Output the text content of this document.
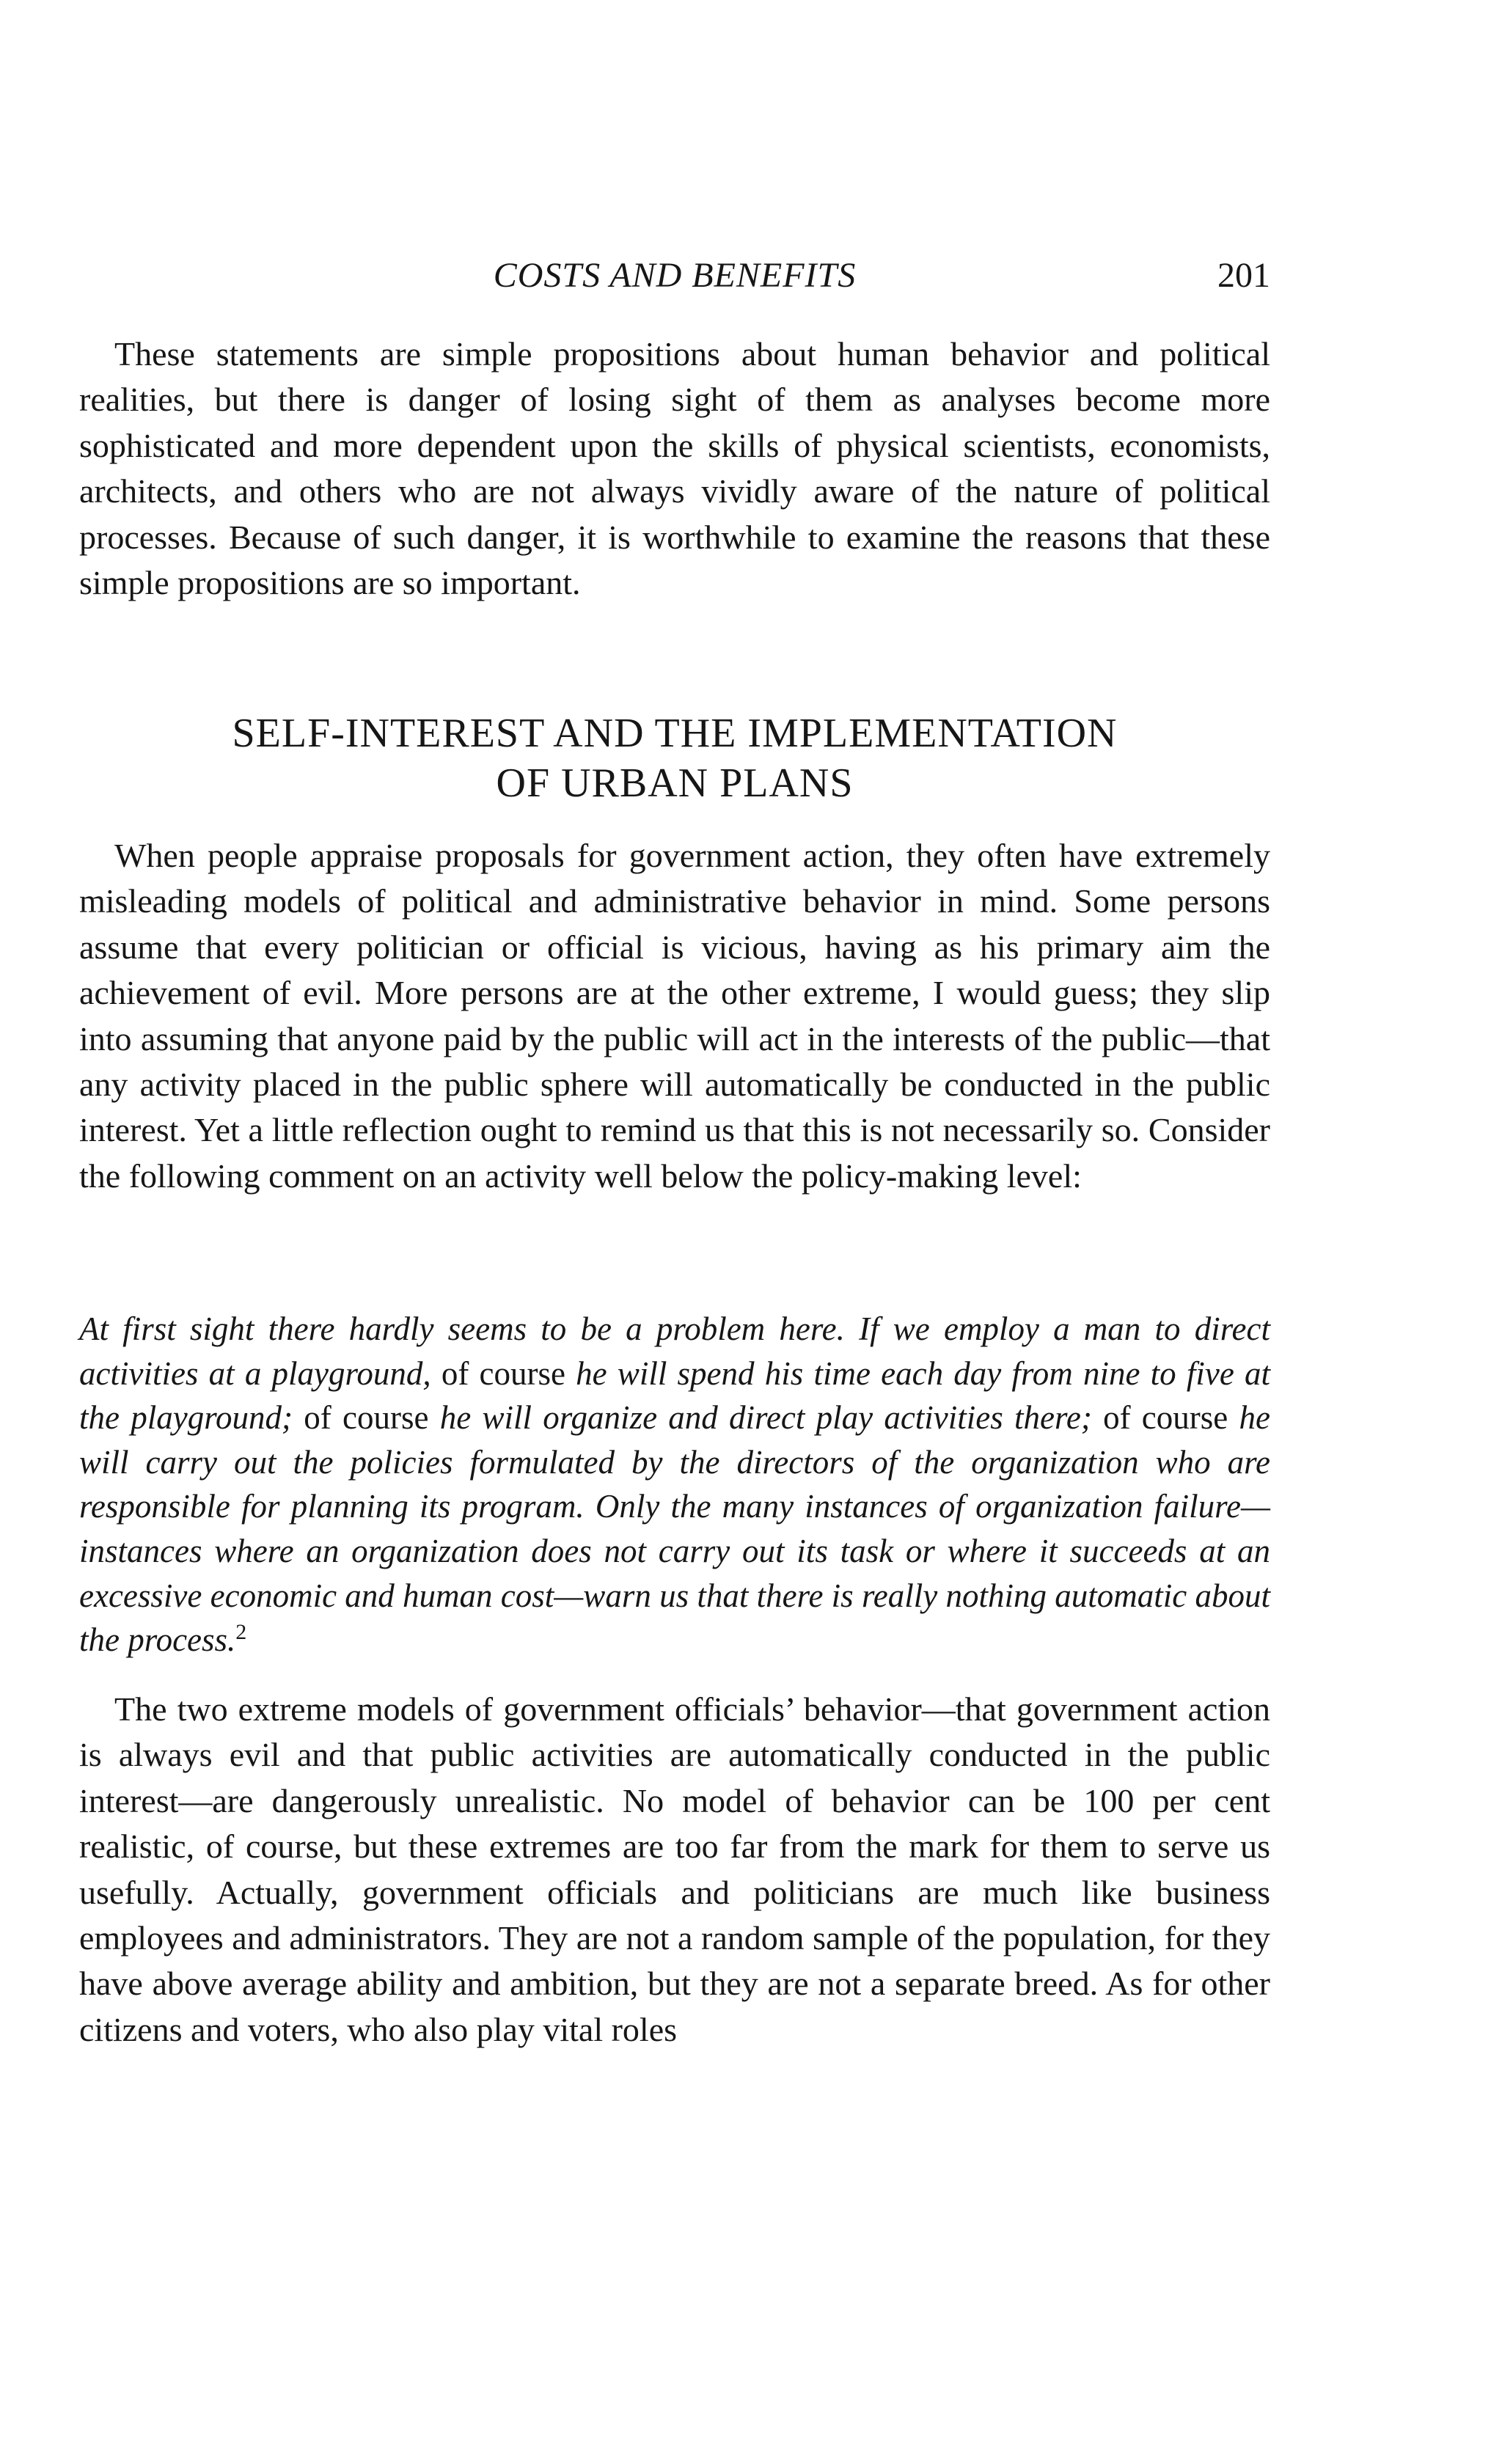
COSTS AND BENEFITS	201

These statements are simple propositions about human behavior and political realities, but there is danger of losing sight of them as analyses become more sophisticated and more dependent upon the skills of physical scientists, economists, architects, and others who are not always vividly aware of the nature of political processes. Because of such danger, it is worthwhile to examine the reasons that these simple propositions are so important.

SELF-INTEREST AND THE IMPLEMENTATION
OF URBAN PLANS

When people appraise proposals for government action, they often have extremely misleading models of political and administrative behavior in mind. Some persons assume that every politician or official is vicious, having as his primary aim the achievement of evil. More persons are at the other extreme, I would guess; they slip into assuming that anyone paid by the public will act in the interests of the public—that any activity placed in the public sphere will automatically be conducted in the public interest. Yet a little reflection ought to remind us that this is not necessarily so. Consider the following comment on an activity well below the policy-making level:

At first sight there hardly seems to be a problem here. If we employ a man to direct activities at a playground, of course he will spend his time each day from nine to five at the playground; of course he will organize and direct play activities there; of course he will carry out the policies formulated by the directors of the organization who are responsible for planning its program. Only the many instances of organization failure—instances where an organization does not carry out its task or where it succeeds at an excessive economic and human cost—warn us that there is really nothing automatic about the process.$^2$

The two extreme models of government officials’ behavior—that government action is always evil and that public activities are automatically conducted in the public interest—are dangerously unrealistic. No model of behavior can be 100 per cent realistic, of course, but these extremes are too far from the mark for them to serve us usefully. Actually, government officials and politicians are much like business employees and administrators. They are not a random sample of the population, for they have above average ability and ambition, but they are not a separate breed. As for other citizens and voters, who also play vital roles
